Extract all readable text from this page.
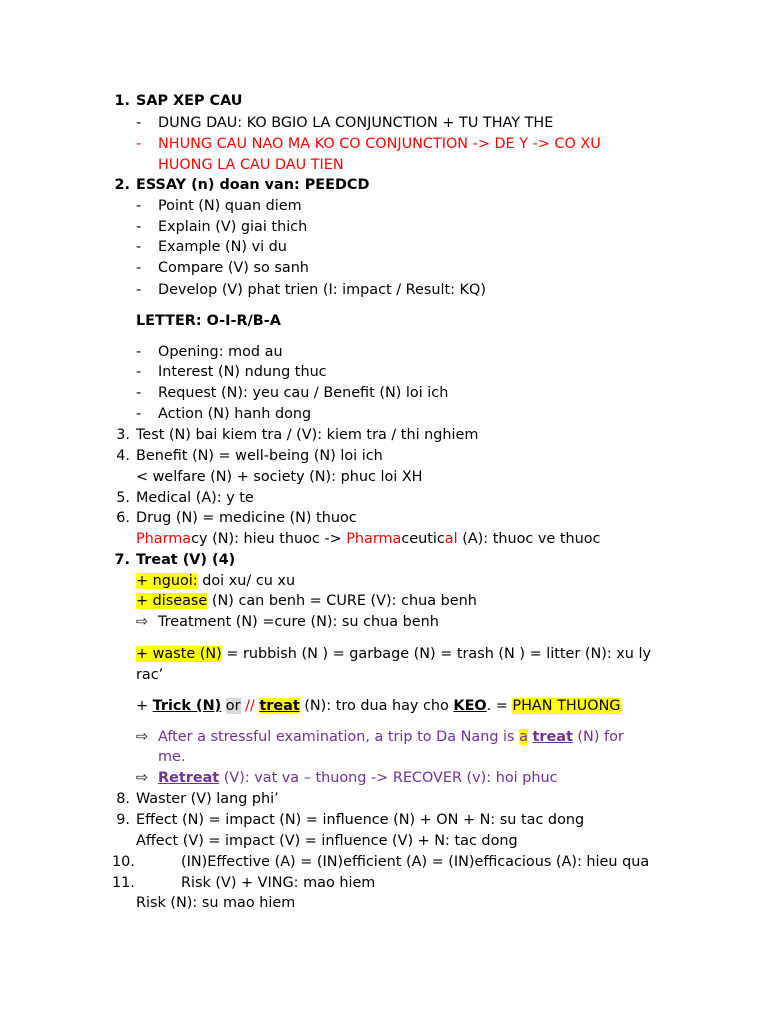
1. SAP XEP CAU
- DUNG DAU: KO BGIO LA CONJUNCTION + TU THAY THE
- NHUNG CAU NAO MA KO CO CONJUNCTION -> DE Y -> CO XU
HUONG LA CAU DAU TIEN
2. ESSAY (n) doan van: PEEDCD
- Point (N) quan diem
- Explain (V) giai thich
- Example (N) vi du
- Compare (V) so sanh
- Develop (V) phat trien (I: impact / Result: KQ)
LETTER: O-I-R/B-A
- Opening: mod au
- Interest (N) ndung thuc
- Request (N): yeu cau / Benefit (N) loi ich
- Action (N) hanh dong
3. Test (N) bai kiem tra / (V): kiem tra / thi nghiem
4. Benefit (N) = well-being (N) loi ich
< welfare (N) + society (N): phuc loi XH
5. Medical (A): y te
6. Drug (N) = medicine (N) thuoc
Pharmacy (N): hieu thuoc -> Pharmaceutical (A): thuoc ve thuoc
7. Treat (V) (4)
+ nguoi: doi xu/ cu xu
+ disease (N) can benh = CURE (V): chua benh
⇨ Treatment (N) =cure (N): su chua benh
+ waste (N) = rubbish (N ) = garbage (N) = trash (N ) = litter (N): xu ly
rac’
+ Trick (N) or // treat (N): tro dua hay cho KEO. = PHAN THUONG
⇨ After a stressful examination, a trip to Da Nang is a treat (N) for
me.
⇨ Retreat (V): vat va – thuong -> RECOVER (v): hoi phuc
8. Waster (V) lang phi’
9. Effect (N) = impact (N) = influence (N) + ON + N: su tac dong
Affect (V) = impact (V) = influence (V) + N: tac dong
10.	(IN)Effective (A) = (IN)efficient (A) = (IN)efficacious (A): hieu qua
11.	Risk (V) + VING: mao hiem
Risk (N): su mao hiem
